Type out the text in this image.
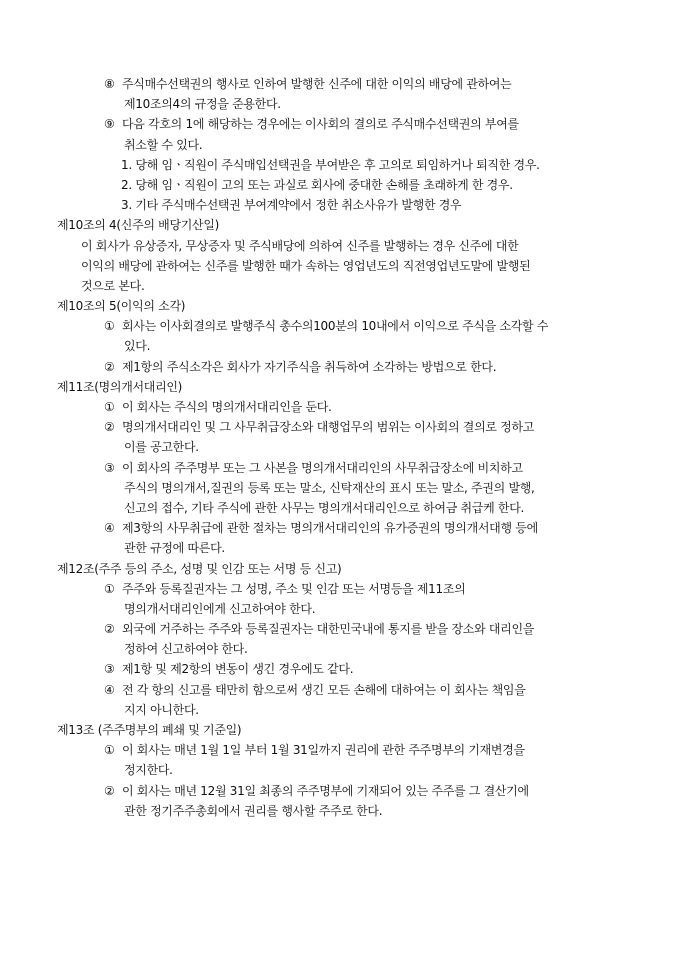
⑧ 주식매수선택권의 행사로 인하여 발행한 신주에 대한 이익의 배당에 관하여는
제10조의4의 규정을 준용한다.
⑨ 다음 각호의 1에 해당하는 경우에는 이사회의 결의로 주식매수선택권의 부여를
취소할 수 있다.
1. 당해 임ㆍ직원이 주식매입선택권을 부여받은 후 고의로 퇴임하거나 퇴직한 경우.
2. 당해 임ㆍ직원이 고의 또는 과실로 회사에 중대한 손해를 초래하게 한 경우.
3. 기타 주식매수선택권 부여계약에서 정한 취소사유가 발행한 경우
제10조의 4(신주의 배당기산일)
이 회사가 유상증자, 무상증자 및 주식배당에 의하여 신주를 발행하는 경우 신주에 대한
이익의 배당에 관하여는 신주를 발행한 때가 속하는 영업년도의 직전영업년도말에 발행된
것으로 본다.
제10조의 5(이익의 소각)
① 회사는 이사회결의로 발행주식 총수의100분의 10내에서 이익으로 주식을 소각할 수
있다.
② 제1항의 주식소각은 회사가 자기주식을 취득하여 소각하는 방법으로 한다.
제11조(명의개서대리인)
① 이 회사는 주식의 명의개서대리인을 둔다.
② 명의개서대리인 및 그 사무취급장소와 대행업무의 범위는 이사회의 결의로 정하고
이를 공고한다.
③ 이 회사의 주주명부 또는 그 사본을 명의개서대리인의 사무취급장소에 비치하고
주식의 명의개서,질권의 등록 또는 말소, 신탁재산의 표시 또는 말소, 주권의 발행,
신고의 접수, 기타 주식에 관한 사무는 명의개서대리인으로 하여금 취급케 한다.
④ 제3항의 사무취급에 관한 절차는 명의개서대리인의 유가증권의 명의개서대행 등에
관한 규정에 따른다.
제12조(주주 등의 주소, 성명 및 인감 또는 서명 등 신고)
① 주주와 등록질권자는 그 성명, 주소 및 인감 또는 서명등을 제11조의
명의개서대리인에게 신고하여야 한다.
② 외국에 거주하는 주주와 등록질권자는 대한민국내에 통지를 받을 장소와 대리인을
정하여 신고하여야 한다.
③ 제1항 및 제2항의 변동이 생긴 경우에도 같다.
④ 전 각 항의 신고를 태만히 함으로써 생긴 모든 손해에 대하여는 이 회사는 책임을
지지 아니한다.
제13조 (주주명부의 폐쇄 및 기준일)
① 이 회사는 매년 1월 1일 부터 1월 31일까지 권리에 관한 주주명부의 기재변경을
정지한다.
② 이 회사는 매년 12월 31일 최종의 주주명부에 기재되어 있는 주주를 그 결산기에
관한 정기주주총회에서 권리를 행사할 주주로 한다.
